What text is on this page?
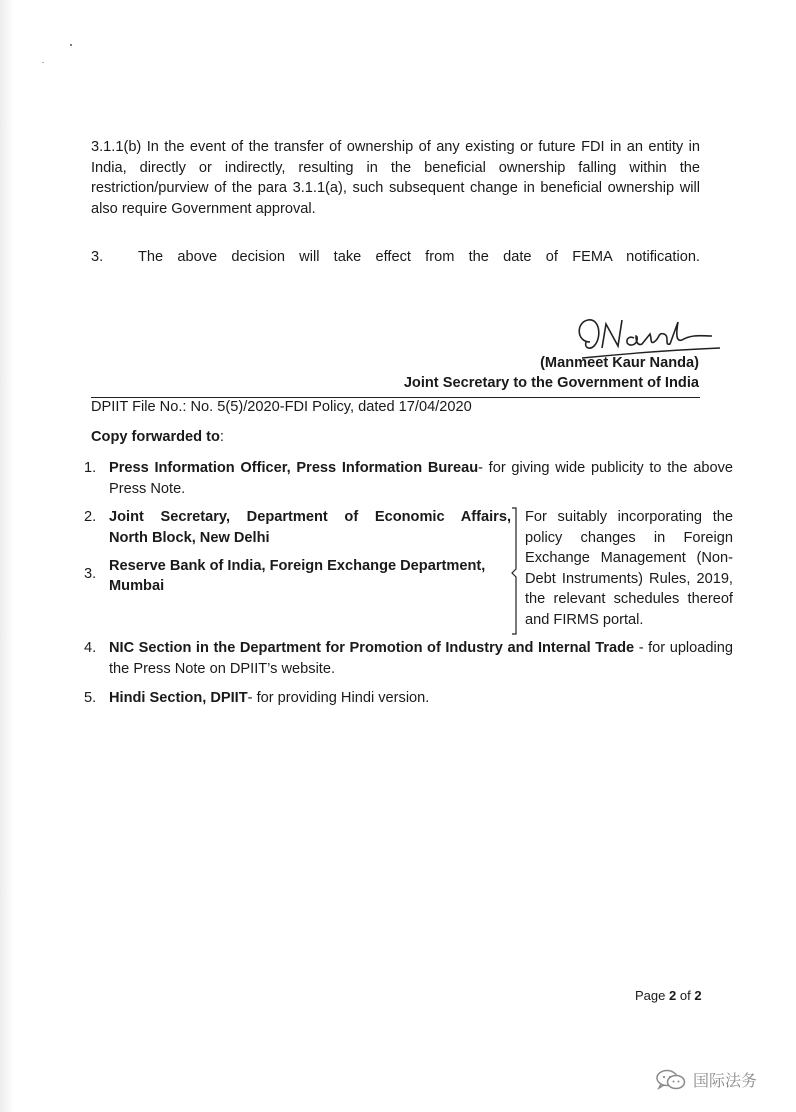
3.1.1(b) In the event of the transfer of ownership of any existing or future FDI in an entity in India, directly or indirectly, resulting in the beneficial ownership falling within the restriction/purview of the para 3.1.1(a), such subsequent change in beneficial ownership will also require Government approval.

3.	The above decision will take effect from the date of FEMA notification.
(Manmeet Kaur Nanda)
Joint Secretary to the Government of India
DPIIT File No.: No. 5(5)/2020-FDI Policy, dated 17/04/2020
Copy forwarded to:
1. Press Information Officer, Press Information Bureau- for giving wide publicity to the above Press Note.
2. Joint Secretary, Department of Economic Affairs,
North Block, New Delhi
3. Reserve Bank of India, Foreign Exchange Department,
Mumbai
For suitably incorporating the policy changes in Foreign Exchange Management (Non-Debt Instruments) Rules, 2019, the relevant schedules thereof and FIRMS portal.
4. NIC Section in the Department for Promotion of Industry and Internal Trade - for uploading the Press Note on DPIIT’s website.
5. Hindi Section, DPIIT- for providing Hindi version.
Page 2 of 2
国际法务
